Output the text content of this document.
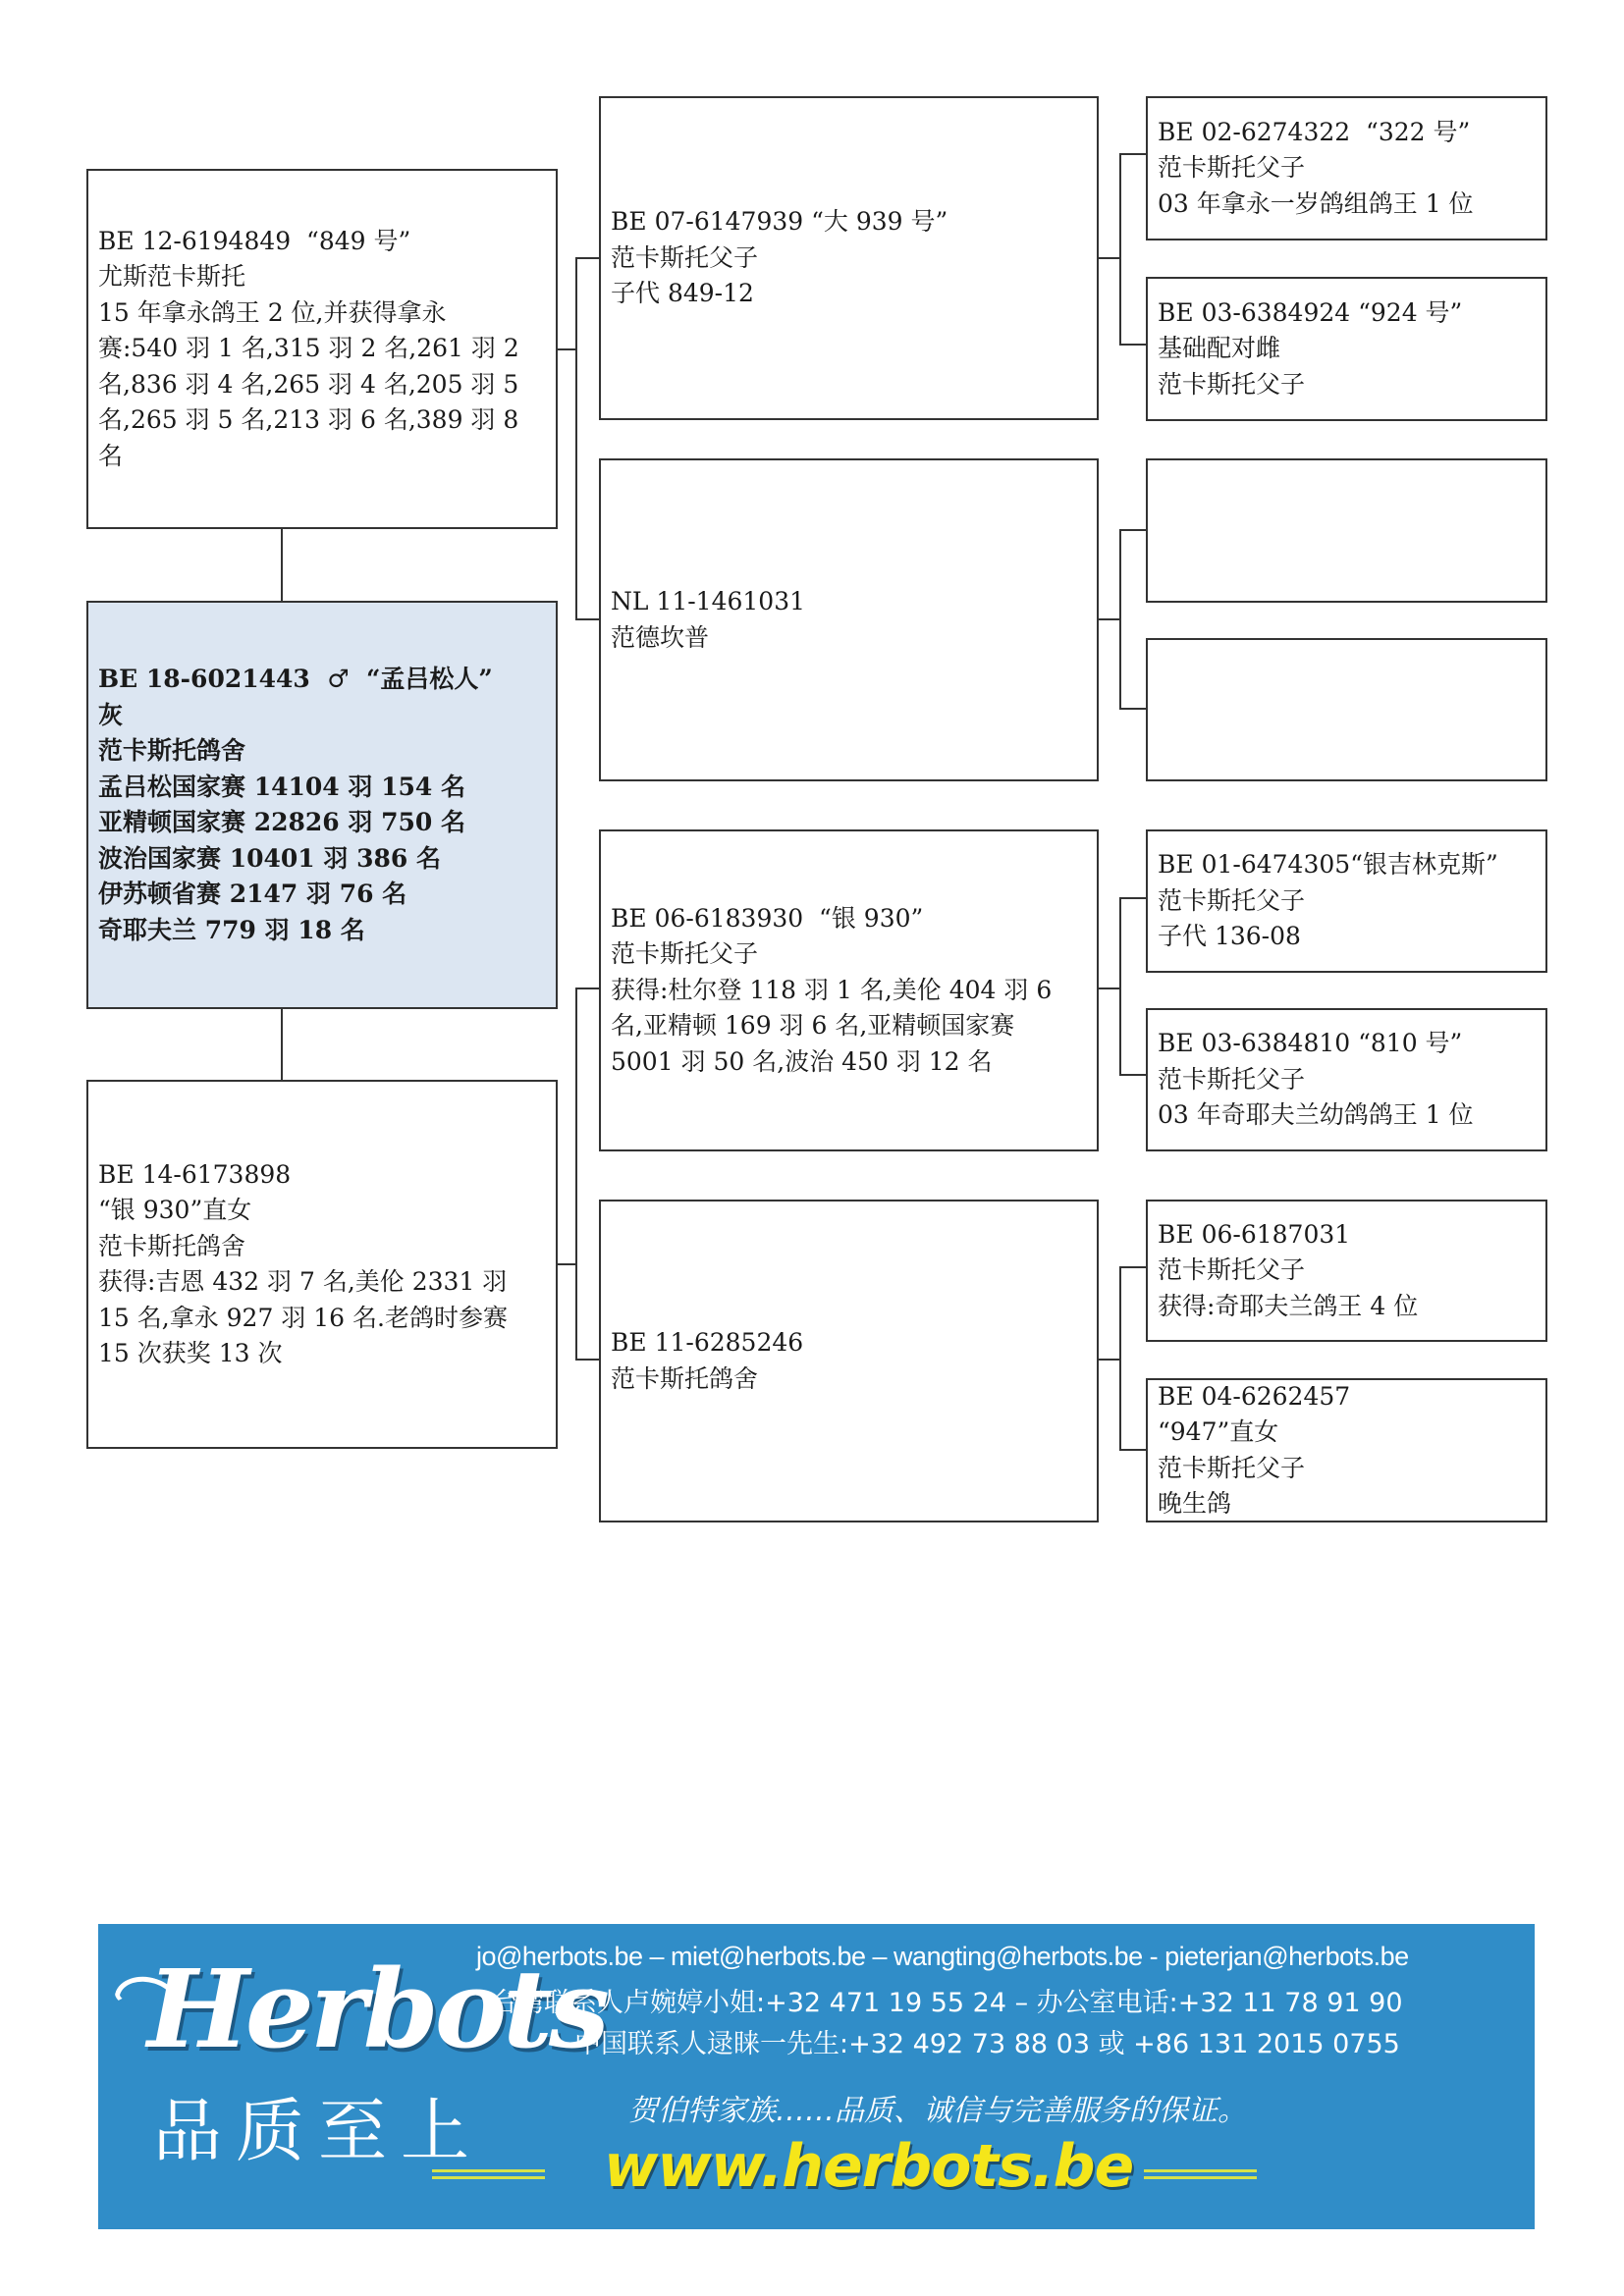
BE 12-6194849  “849 号”
尤斯范卡斯托
15 年拿永鸽王 2 位,并获得拿永
赛:540 羽 1 名,315 羽 2 名,261 羽 2
名,836 羽 4 名,265 羽 4 名,205 羽 5
名,265 羽 5 名,213 羽 6 名,389 羽 8
名
BE 18-6021443  ♂  “孟吕松人”
灰
范卡斯托鸽舍
孟吕松国家赛 14104 羽 154 名
亚精顿国家赛 22826 羽 750 名
波治国家赛 10401 羽 386 名
伊苏顿省赛 2147 羽 76 名
奇耶夫兰 779 羽 18 名
BE 14-6173898
“银 930”直女
范卡斯托鸽舍
获得:吉恩 432 羽 7 名,美伦 2331 羽
15 名,拿永 927 羽 16 名.老鸽时参赛
15 次获奖 13 次
BE 07-6147939 “大 939 号”
范卡斯托父子
子代 849-12
NL 11-1461031
范德坎普
BE 06-6183930  “银 930”
范卡斯托父子
获得:杜尔登 118 羽 1 名,美伦 404 羽 6
名,亚精顿 169 羽 6 名,亚精顿国家赛
5001 羽 50 名,波治 450 羽 12 名
BE 11-6285246
范卡斯托鸽舍
BE 02-6274322  “322 号”
范卡斯托父子
03 年拿永一岁鸽组鸽王 1 位
BE 03-6384924 “924 号”
基础配对雌
范卡斯托父子
BE 01-6474305“银吉林克斯”
范卡斯托父子
子代 136-08
BE 03-6384810 “810 号”
范卡斯托父子
03 年奇耶夫兰幼鸽鸽王 1 位
BE 06-6187031
范卡斯托父子
获得:奇耶夫兰鸽王 4 位
BE 04-6262457
“947”直女
范卡斯托父子
晚生鸽
Herbots
品质至上
jo@herbots.be – miet@herbots.be – wangting@herbots.be - pieterjan@herbots.be
台湾联系人卢婉婷小姐:+32 471 19 55 24 – 办公室电话:+32 11 78 91 90
中国联系人逯睐一先生:+32 492 73 88 03 或 +86 131 2015 0755
贺伯特家族……品质、诚信与完善服务的保证。
www.herbots.be
